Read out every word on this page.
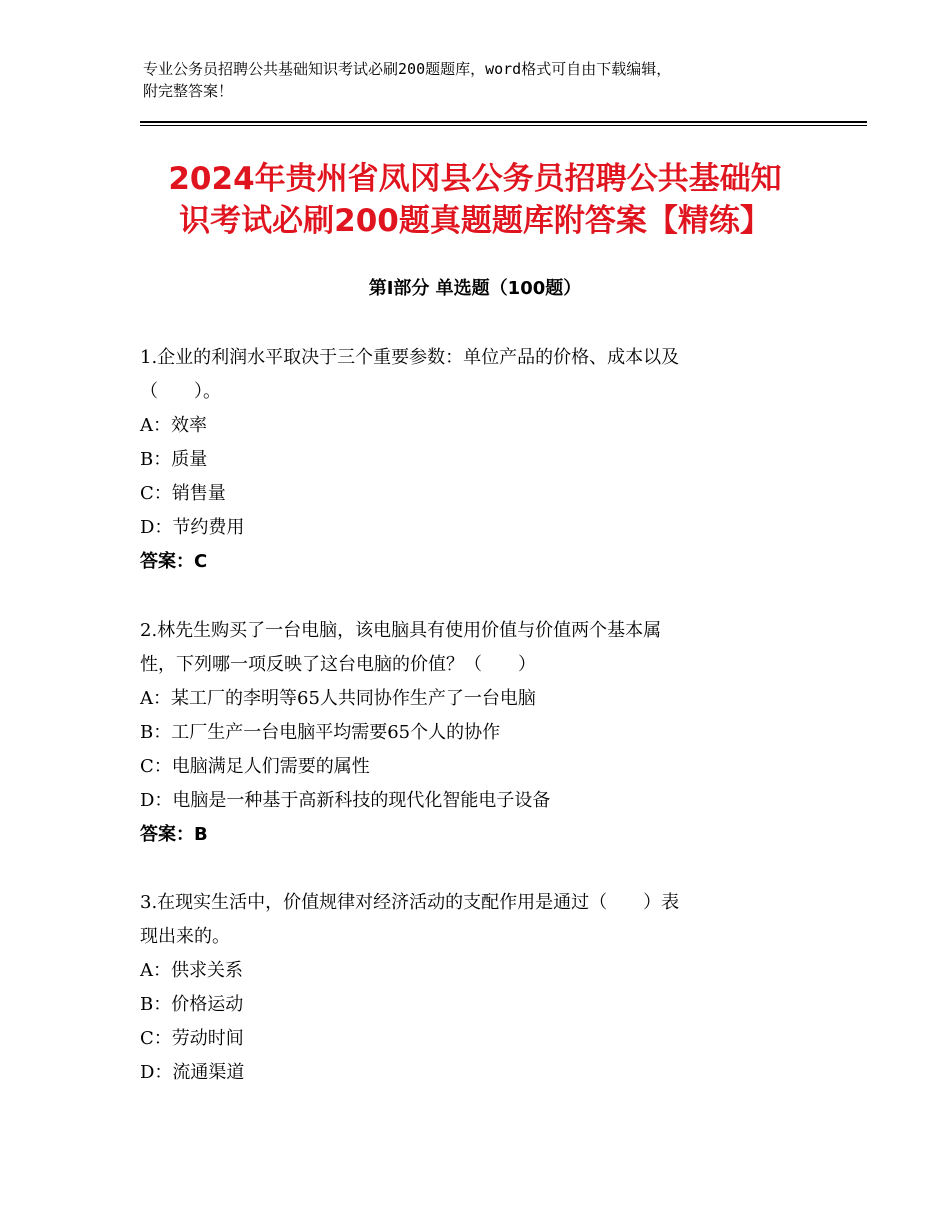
专业公务员招聘公共基础知识考试必刷200题题库，word格式可自由下载编辑，
附完整答案！
2024年贵州省凤冈县公务员招聘公共基础知
识考试必刷200题真题题库附答案【精练】
第Ⅰ部分 单选题（100题）

1.企业的利润水平取决于三个重要参数：单位产品的价格、成本以及

（　　）。

A：效率

B：质量

C：销售量

D：节约费用

答案：C

2.林先生购买了一台电脑，该电脑具有使用价值与价值两个基本属

性，下列哪一项反映了这台电脑的价值？（　　）

A：某工厂的李明等65人共同协作生产了一台电脑

B：工厂生产一台电脑平均需要65个人的协作

C：电脑满足人们需要的属性

D：电脑是一种基于高新科技的现代化智能电子设备

答案：B

3.在现实生活中，价值规律对经济活动的支配作用是通过（　　）表

现出来的。

A：供求关系

B：价格运动

C：劳动时间

D：流通渠道
